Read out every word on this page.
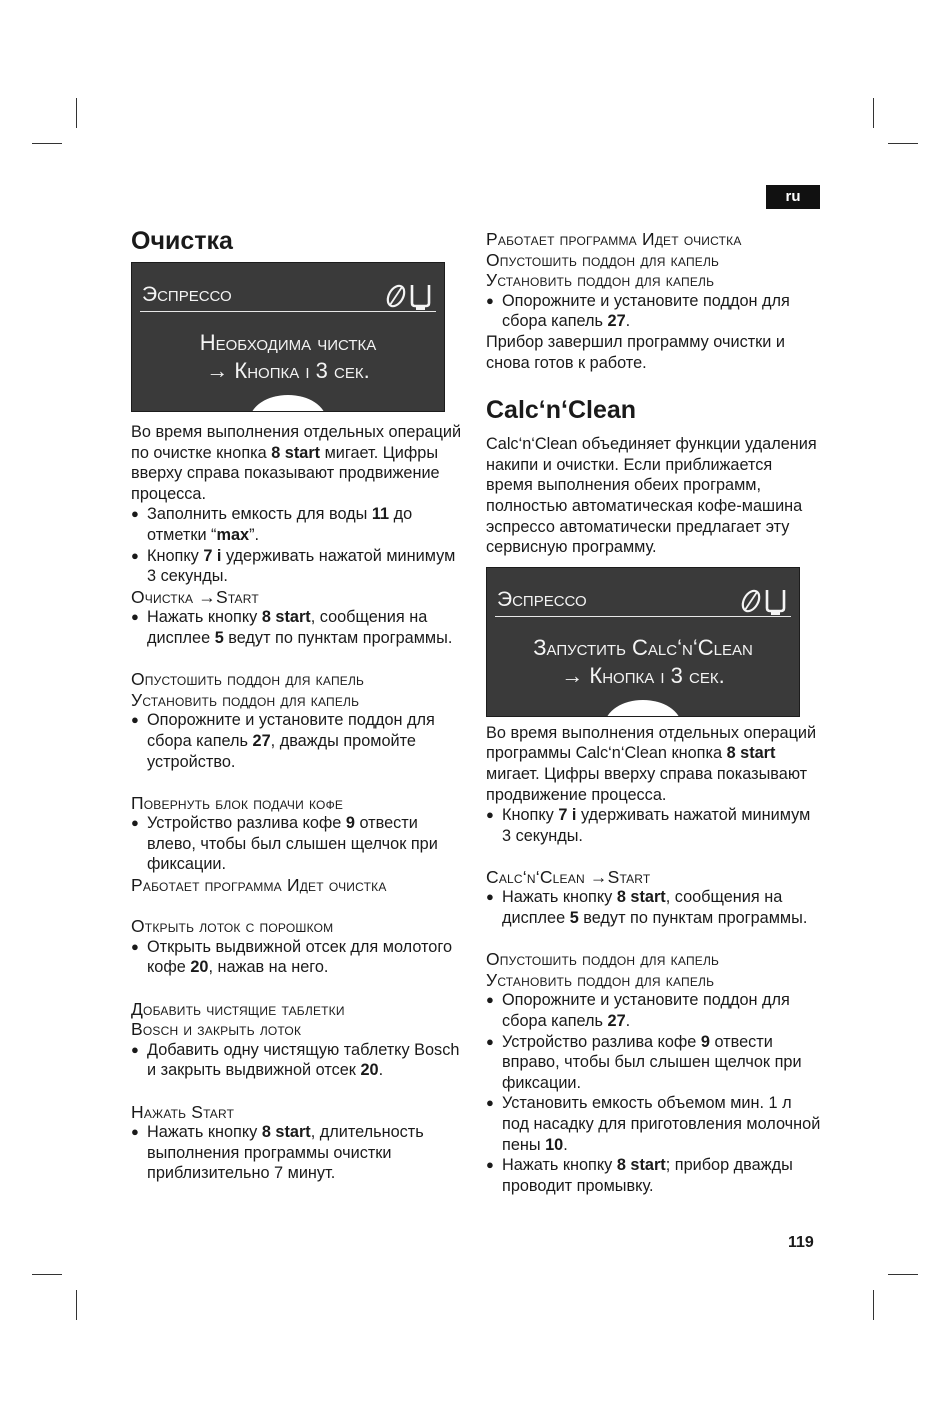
ru
Очистка
Эспрессо
Необходима чистка
→ Кнопка i 3 сек.

Во время выполнения отдельных операций по очистке кнопка 8 start мигает. Цифры вверху справа показывают продвижение процесса.

● Заполнить емкость для воды 11 до отметки “max”.
● Кнопку 7 i удерживать нажатой минимум 3 секунды.
Очистка →Start
● Нажать кнопку 8 start, сообщения на дисплее 5 ведут по пунктам программы.
Опустошить поддон для капель
Установить поддон для капель
● Опорожните и установите поддон для сбора капель 27, дважды промойте устройство.
Повернуть блок подачи кофе
● Устройство разлива кофе 9 отвести влево, чтобы был слышен щелчок при фиксации.
Работает программа Идет очистка
Открыть лоток с порошком
● Открыть выдвижной отсек для молотого кофе 20, нажав на него.
Добавить чистящие таблетки
Bosch и закрыть лоток
● Добавить одну чистящую таблетку Bosch и закрыть выдвижной отсек 20.
Нажать Start
● Нажать кнопку 8 start, длительность выполнения программы очистки приблизительно 7 минут.
Работает программа Идет очистка
Опустошить поддон для капель
Установить поддон для капель
● Опорожните и установите поддон для сбора капель 27.

Прибор завершил программу очистки и снова готов к работе.

Calc‘n‘Clean

Calc‘n‘Clean объединяет функции удаления накипи и очистки. Если приближается время выполнения обеих программ, полностью автоматическая кофе-машина эспрессо автоматически предлагает эту сервисную программу.

Эспрессо
Запустить Calc‘n‘Clean
→ Кнопка i 3 сек.

Во время выполнения отдельных операций программы Calc‘n‘Clean кнопка 8 start мигает. Цифры вверху справа показывают продвижение процесса.

● Кнопку 7 i удерживать нажатой минимум 3 секунды.
Calc‘n‘Clean →Start
● Нажать кнопку 8 start, сообщения на дисплее 5 ведут по пунктам программы.
Опустошить поддон для капель
Установить поддон для капель
● Опорожните и установите поддон для сбора капель 27.
● Устройство разлива кофе 9 отвести вправо, чтобы был слышен щелчок при фиксации.
● Установить емкость объемом мин. 1 л под насадку для приготовления молочной пены 10.
● Нажать кнопку 8 start; прибор дважды проводит промывку.
119
